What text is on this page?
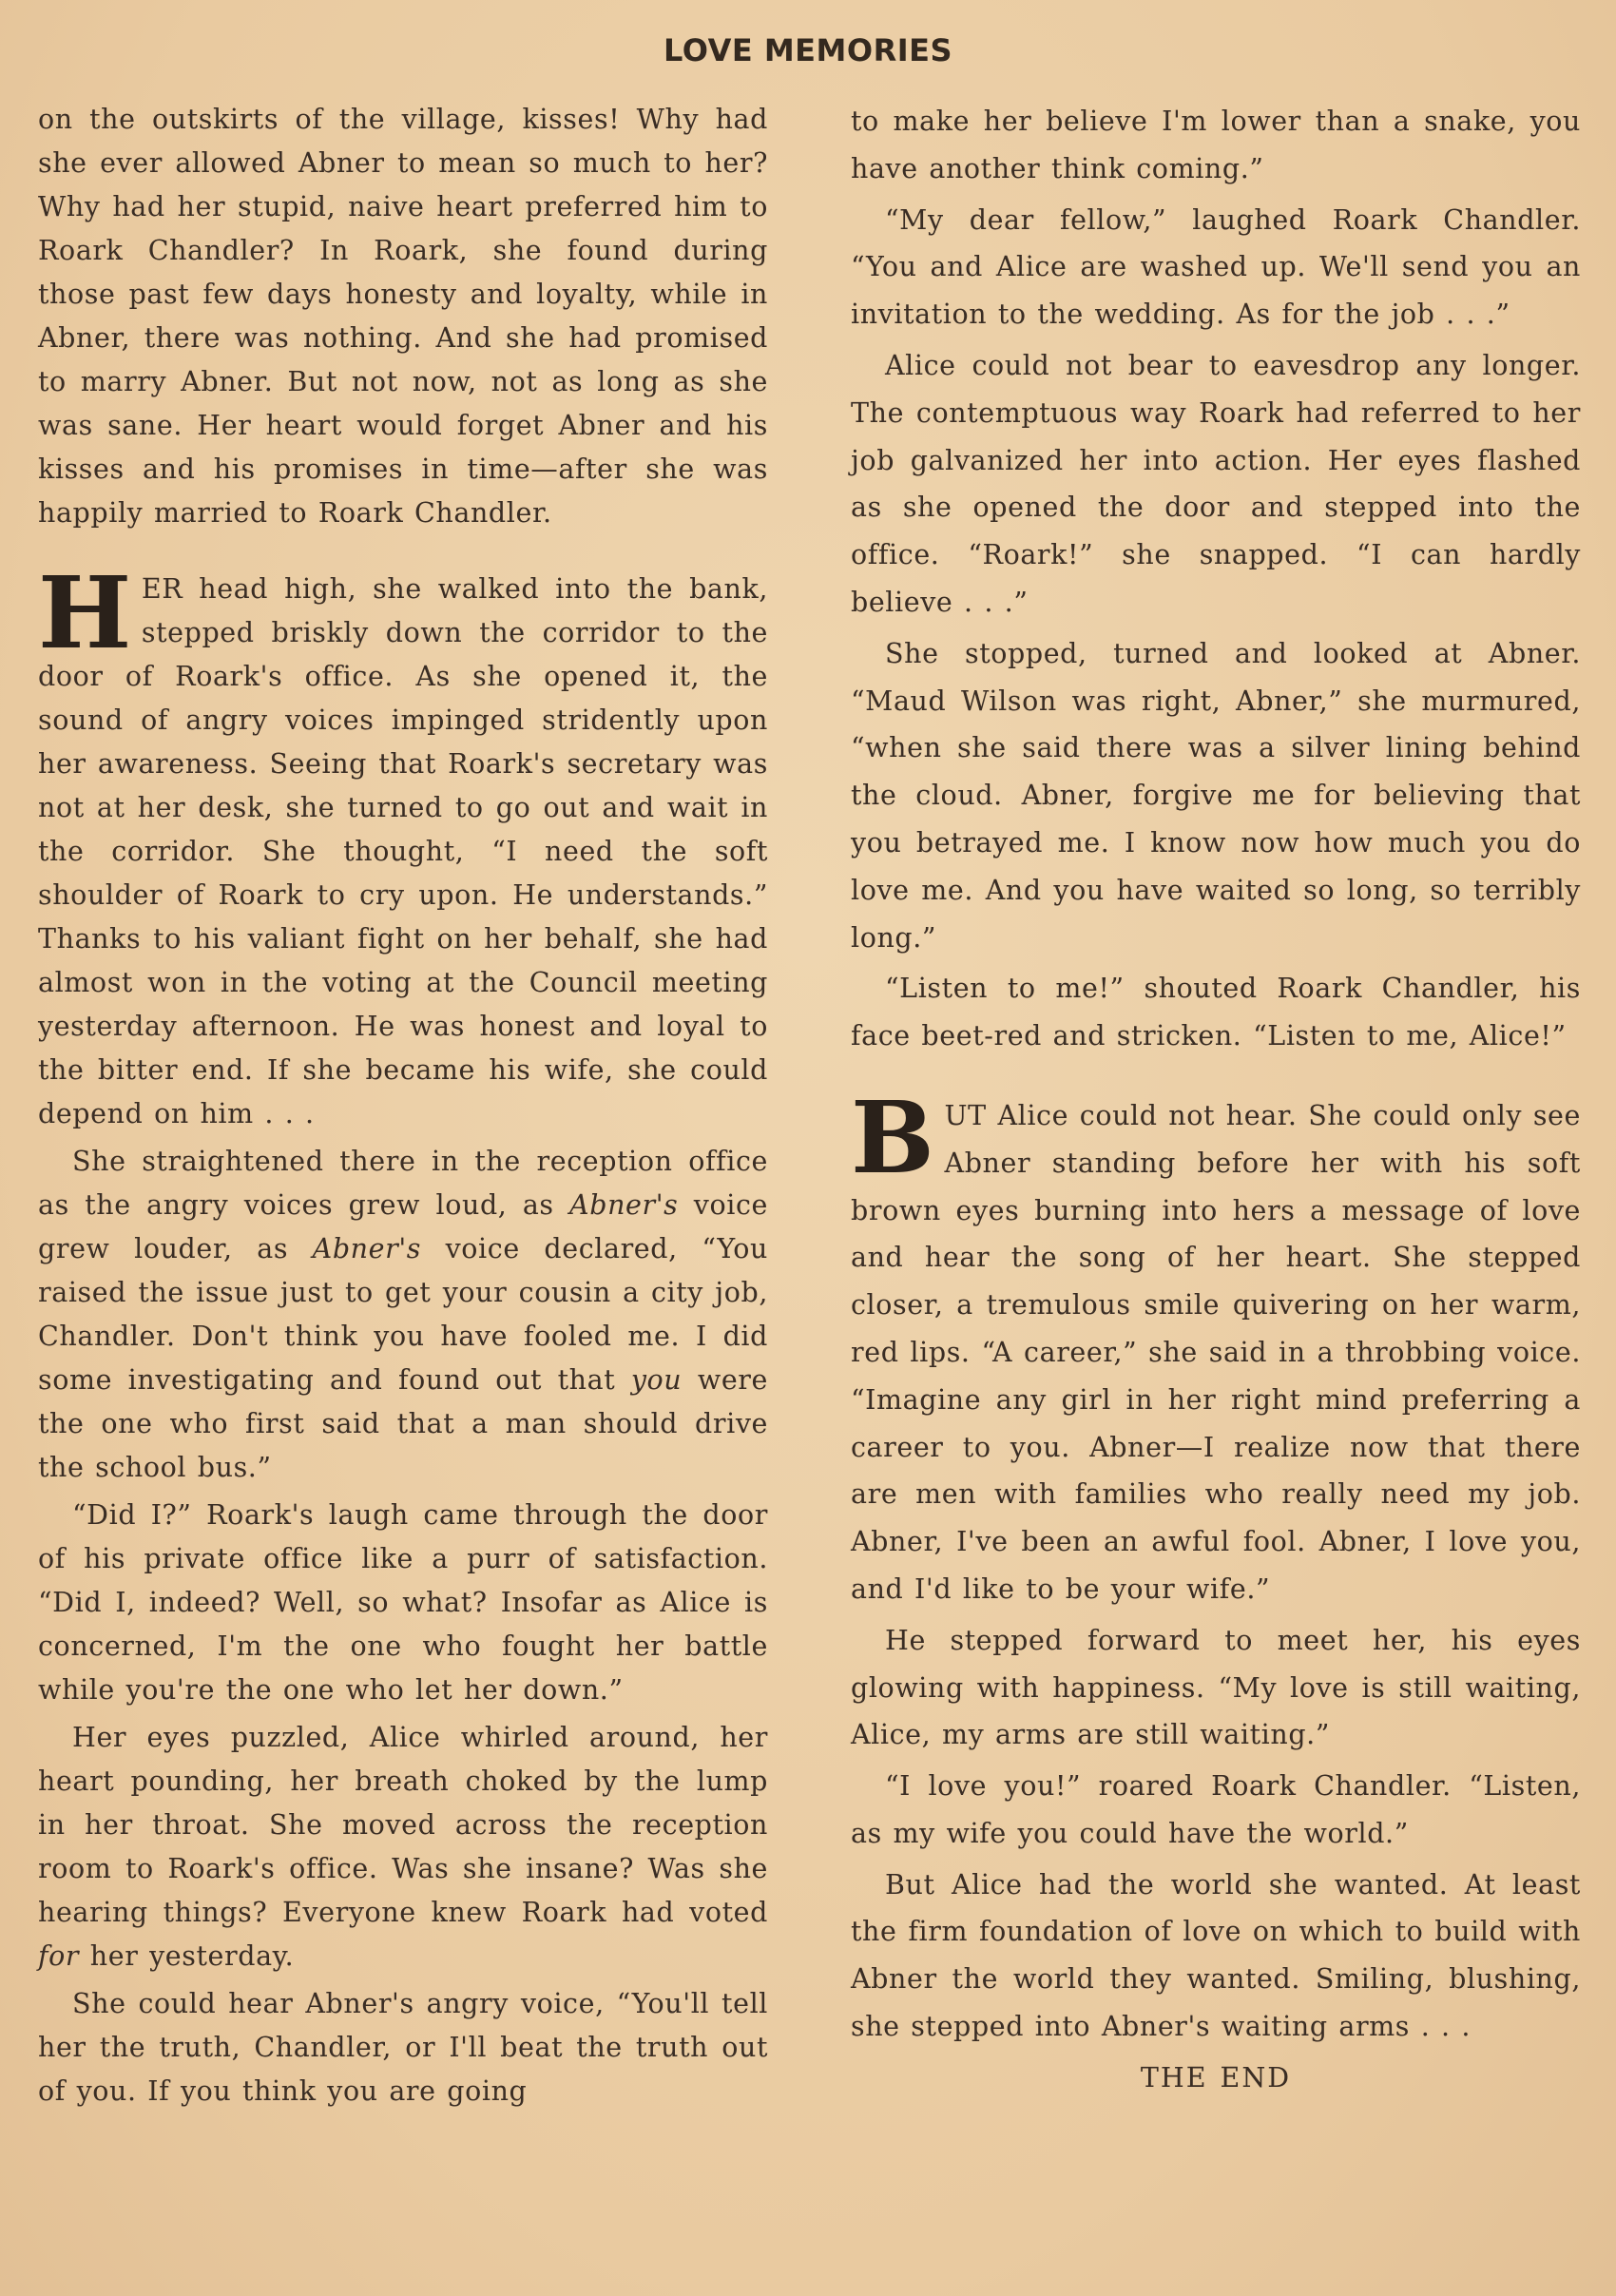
LOVE MEMORIES

on the outskirts of the village, kisses! Why had she ever allowed Abner to mean so much to her? Why had her stupid, naive heart preferred him to Roark Chandler? In Roark, she found during those past few days honesty and loyalty, while in Abner, there was nothing. And she had promised to marry Abner. But not now, not as long as she was sane. Her heart would forget Abner and his kisses and his promises in time—after she was happily married to Roark Chandler.

HER head high, she walked into the bank, stepped briskly down the corridor to the door of Roark's office. As she opened it, the sound of angry voices impinged stridently upon her awareness. Seeing that Roark's secretary was not at her desk, she turned to go out and wait in the corridor. She thought, “I need the soft shoulder of Roark to cry upon. He understands.” Thanks to his valiant fight on her behalf, she had almost won in the voting at the Council meeting yesterday afternoon. He was honest and loyal to the bitter end. If she became his wife, she could depend on him . . .

She straightened there in the reception office as the angry voices grew loud, as Abner's voice grew louder, as Abner's voice declared, “You raised the issue just to get your cousin a city job, Chandler. Don't think you have fooled me. I did some investigating and found out that you were the one who first said that a man should drive the school bus.”

“Did I?” Roark's laugh came through the door of his private office like a purr of satisfaction. “Did I, indeed? Well, so what? Insofar as Alice is concerned, I'm the one who fought her battle while you're the one who let her down.”

Her eyes puzzled, Alice whirled around, her heart pounding, her breath choked by the lump in her throat. She moved across the reception room to Roark's office. Was she insane? Was she hearing things? Everyone knew Roark had voted for her yesterday.

She could hear Abner's angry voice, “You'll tell her the truth, Chandler, or I'll beat the truth out of you. If you think you are going

to make her believe I'm lower than a snake, you have another think coming.”

“My dear fellow,” laughed Roark Chandler. “You and Alice are washed up. We'll send you an invitation to the wedding. As for the job . . .”

Alice could not bear to eavesdrop any longer. The contemptuous way Roark had referred to her job galvanized her into action. Her eyes flashed as she opened the door and stepped into the office. “Roark!” she snapped. “I can hardly believe . . .”

She stopped, turned and looked at Abner. “Maud Wilson was right, Abner,” she murmured, “when she said there was a silver lining behind the cloud. Abner, forgive me for believing that you betrayed me. I know now how much you do love me. And you have waited so long, so terribly long.”

“Listen to me!” shouted Roark Chandler, his face beet-red and stricken. “Listen to me, Alice!”

BUT Alice could not hear. She could only see Abner standing before her with his soft brown eyes burning into hers a message of love and hear the song of her heart. She stepped closer, a tremulous smile quivering on her warm, red lips. “A career,” she said in a throbbing voice. “Imagine any girl in her right mind preferring a career to you. Abner—I realize now that there are men with families who really need my job. Abner, I've been an awful fool. Abner, I love you, and I'd like to be your wife.”

He stepped forward to meet her, his eyes glowing with happiness. “My love is still waiting, Alice, my arms are still waiting.”

“I love you!” roared Roark Chandler. “Listen, as my wife you could have the world.”

But Alice had the world she wanted. At least the firm foundation of love on which to build with Abner the world they wanted. Smiling, blushing, she stepped into Abner's waiting arms . . .

THE END
